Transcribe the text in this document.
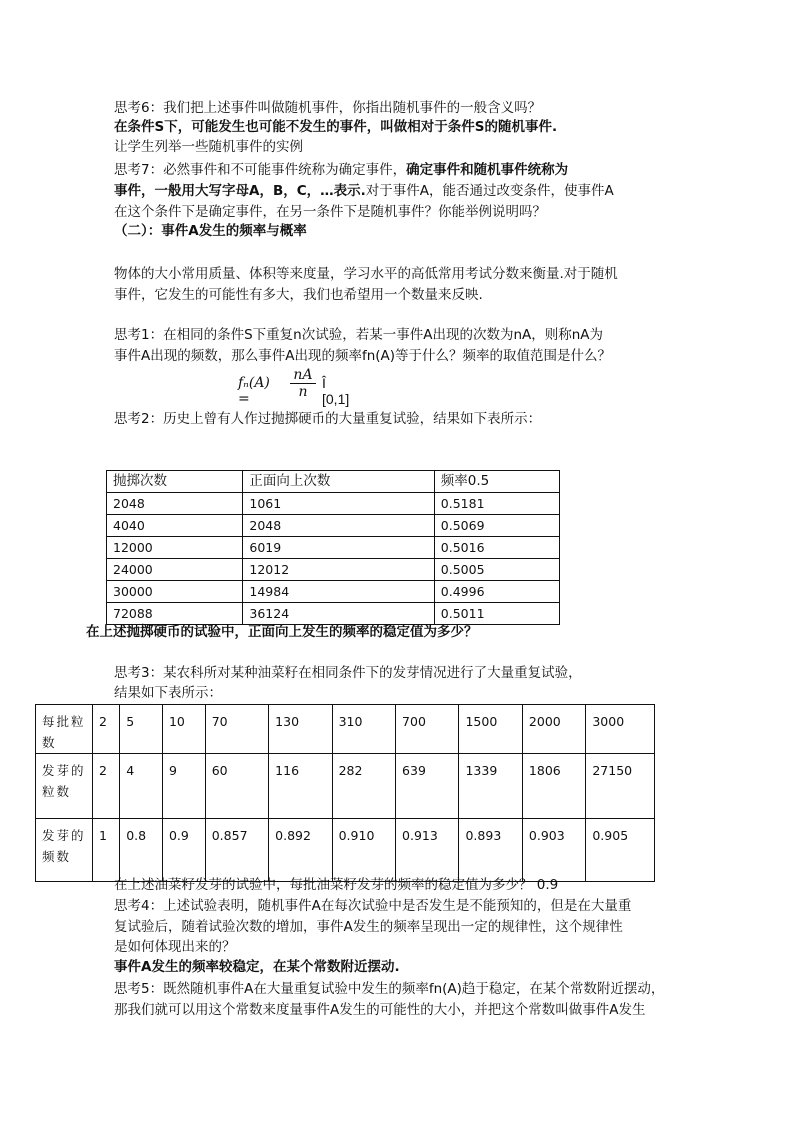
思考6：我们把上述事件叫做随机事件，你指出随机事件的一般含义吗？
在条件S下，可能发生也可能不发生的事件，叫做相对于条件S的随机事件.
让学生列举一些随机事件的实例
思考7：必然事件和不可能事件统称为确定事件，确定事件和随机事件统称为
事件，一般用大写字母A，B，C，…表示.对于事件A，能否通过改变条件，使事件A
在这个条件下是确定事件，在另一条件下是随机事件？你能举例说明吗？
（二）：事件A发生的频率与概率
物体的大小常用质量、体积等来度量，学习水平的高低常用考试分数来衡量.对于随机
事件，它发生的可能性有多大，我们也希望用一个数量来反映.
思考1：在相同的条件S下重复n次试验，若某一事件A出现的次数为nA，则称nA为
事件A出现的频数，那么事件A出现的频率fn(A)等于什么？频率的取值范围是什么？
fₙ(A) =	$\frac{nA}{n}$ Î [0,1]
思考2：历史上曾有人作过抛掷硬币的大量重复试验，结果如下表所示：
抛掷次数	正面向上次数	频率0.5
2048	1061	0.5181
4040	2048	0.5069
12000	6019	0.5016
24000	12012	0.5005
30000	14984	0.4996
72088	36124	0.5011
在上述抛掷硬币的试验中，正面向上发生的频率的稳定值为多少？
思考3：某农科所对某种油菜籽在相同条件下的发芽情况进行了大量重复试验，
结果如下表所示：
每批粒数	2	5	10	70	130	310	700	1500	2000	3000
发芽的粒数	2	4	9	60	116	282	639	1339	1806	27150
发芽的频数	1	0.8	0.9	0.857	0.892	0.910	0.913	0.893	0.903	0.905
在上述油菜籽发芽的试验中，每批油菜籽发芽的频率的稳定值为多少？ 0.9
思考4：上述试验表明，随机事件A在每次试验中是否发生是不能预知的，但是在大量重
复试验后，随着试验次数的增加，事件A发生的频率呈现出一定的规律性，这个规律性
是如何体现出来的？
事件A发生的频率较稳定，在某个常数附近摆动.
思考5：既然随机事件A在大量重复试验中发生的频率fn(A)趋于稳定，在某个常数附近摆动，
那我们就可以用这个常数来度量事件A发生的可能性的大小，并把这个常数叫做事件A发生
